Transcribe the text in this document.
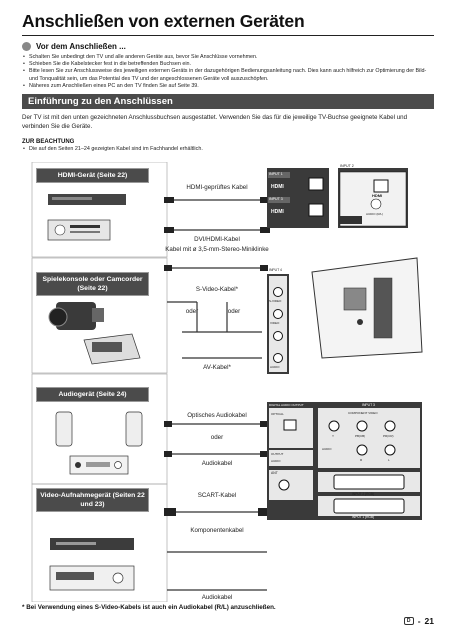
Anschließen von externen Geräten
Vor dem Anschließen ...
• Schalten Sie unbedingt den TV und alle anderen Geräte aus, bevor Sie Anschlüsse vornehmen.
• Schieben Sie die Kabelstecker fest in die betreffenden Buchsen ein.
• Bitte lesen Sie zur Anschlussweise des jeweiligen externen Geräts in der dazugehörigen Bedienungsanleitung nach. Dies kann auch hilfreich zur Optimierung der Bild- und Tonqualität sein, um das Potential des TV und der angeschlossenen Geräte voll auszuschöpfen.
• Näheres zum Anschließen eines PC an den TV finden Sie auf Seite 39.
Einführung zu den Anschlüssen
Der TV ist mit den unten gezeichneten Anschlussbuchsen ausgestattet. Verwenden Sie das für die jeweilige TV-Buchse geeignete Kabel und verbinden Sie die Geräte.
ZUR BEACHTUNG
• Die auf den Seiten 21–24 gezeigten Kabel sind im Fachhandel erhältlich.
HDMI-Gerät (Seite 22)
Spielekonsole oder Camcorder (Seite 22)
Audiogerät (Seite 24)
Video-Aufnahmegerät (Seiten 22 und 23)
HDMI-geprüftes Kabel
DVI/HDMI-Kabel
Kabel mit ø 3,5-mm-Stereo-Miniklinke
S-Video-Kabel*
oder	oder
AV-Kabel*
Optisches Audiokabel
oder
Audiokabel
SCART-Kabel
Komponentenkabel
Audiokabel
INPUT 1
HDMI
INPUT 3
HDMI
INPUT 2
HDMI
AUDIO (R/L)
INPUT 4
S-VIDEO
VIDEO
AUDIO
DIGITAL AUDIO OUTPUT
OPTICAL
OUTPUT
AUDIO
INPUT 3
COMPONENT VIDEO
Y	PB(CB)	PR(CR)
AUDIO
R	L
ANT
INPUT 2 (RGB)
INPUT 1 (RGB)
* Bei Verwendung eines S-Video-Kabels ist auch ein Audiokabel (R/L) anzuschließen.
D - 21
